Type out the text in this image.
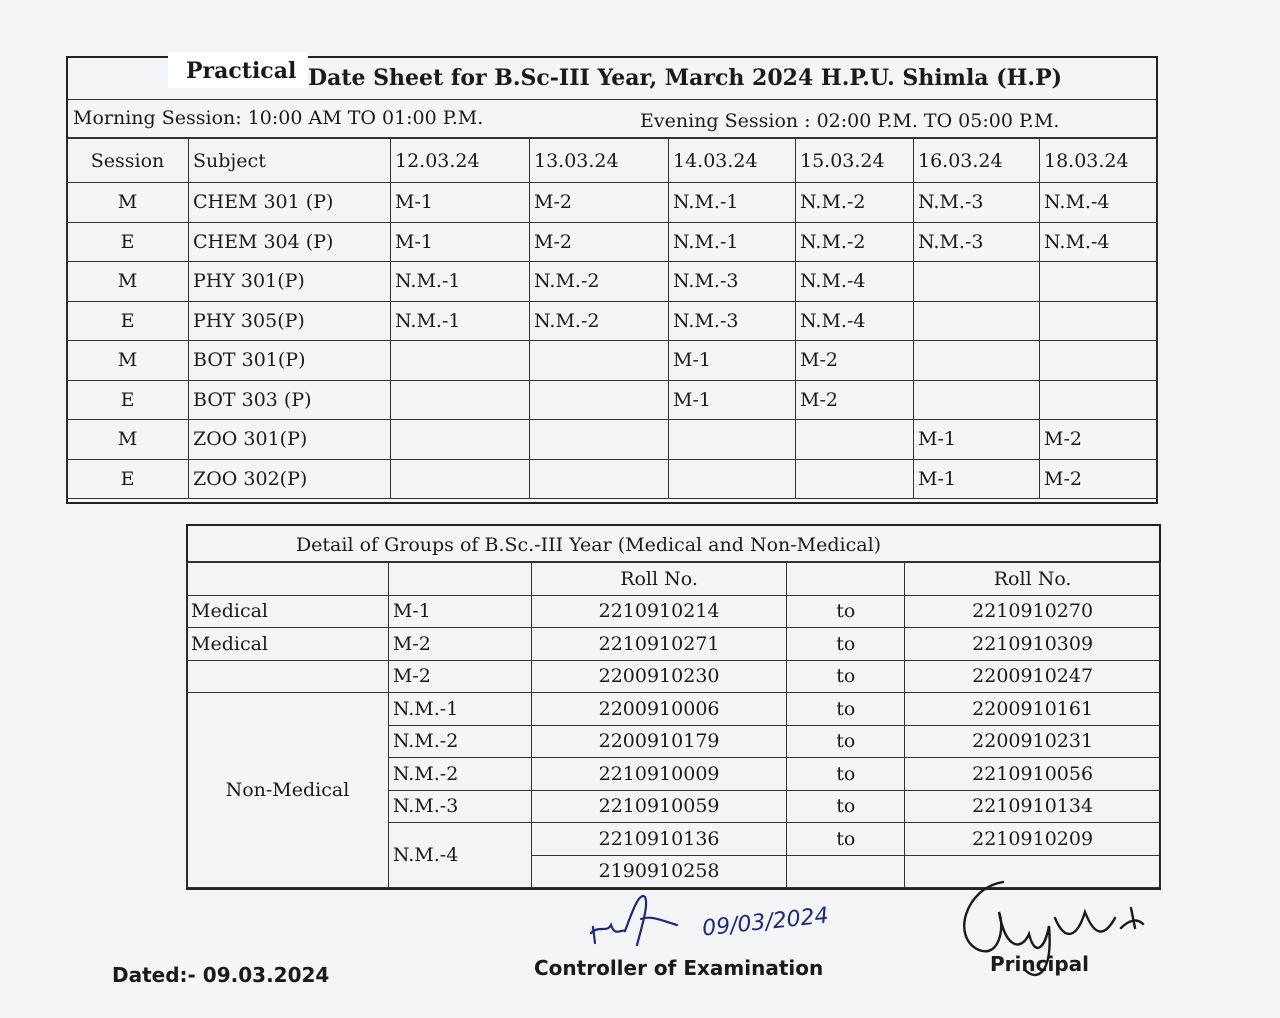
Practical Date Sheet for B.Sc-III Year, March 2024 H.P.U. Shimla (H.P)
Morning Session: 10:00 AM TO 01:00 P.M.	Evening Session : 02:00 P.M. TO 05:00 P.M.
Session	Subject	12.03.24	13.03.24	14.03.24	15.03.24	16.03.24	18.03.24
M	CHEM 301 (P)	M-1	M-2	N.M.-1	N.M.-2	N.M.-3	N.M.-4
E	CHEM 304 (P)	M-1	M-2	N.M.-1	N.M.-2	N.M.-3	N.M.-4
M	PHY 301(P)	N.M.-1	N.M.-2	N.M.-3	N.M.-4		
E	PHY 305(P)	N.M.-1	N.M.-2	N.M.-3	N.M.-4		
M	BOT 301(P)			M-1	M-2		
E	BOT 303 (P)			M-1	M-2		
M	ZOO 301(P)					M-1	M-2
E	ZOO 302(P)					M-1	M-2
Detail of Groups of B.Sc.-III Year (Medical and Non-Medical)
		Roll No.		Roll No.
Medical	M-1	2210910214	to	2210910270
Medical	M-2	2210910271	to	2210910309
	M-2	2200910230	to	2200910247
Non-Medical	N.M.-1	2200910006	to	2200910161
	N.M.-2	2200910179	to	2200910231
	N.M.-2	2210910009	to	2210910056
	N.M.-3	2210910059	to	2210910134
	N.M.-4	2210910136	to	2210910209
		2190910258		
Dated:- 09.03.2024
09/03/2024
Controller of Examination	Principal
